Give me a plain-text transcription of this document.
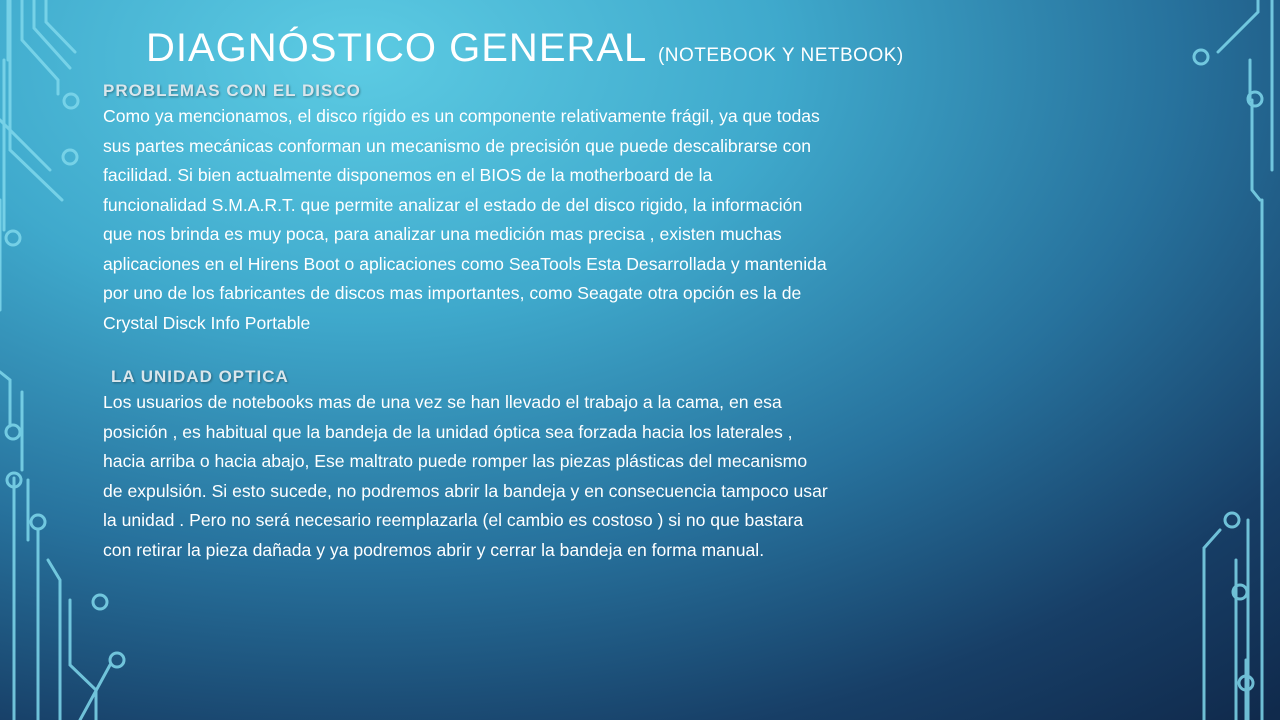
DIAGNÓSTICO GENERAL (NOTEBOOK Y NETBOOK)
PROBLEMAS CON EL DISCO

Como ya mencionamos, el disco rígido es un componente relativamente frágil, ya que todas
sus partes mecánicas conforman un mecanismo de precisión que puede descalibrarse con
facilidad. Si bien actualmente disponemos en el BIOS de la motherboard de la
funcionalidad S.M.A.R.T. que permite analizar el estado de del disco rigido, la información
que nos brinda es muy poca, para analizar una medición mas precisa , existen muchas
aplicaciones en el Hirens Boot o aplicaciones como SeaTools Esta Desarrollada y mantenida
por uno de los fabricantes de discos mas importantes, como Seagate otra opción es la de
Crystal Disck Info Portable

LA UNIDAD OPTICA

Los usuarios de notebooks mas de una vez se han llevado el trabajo a la cama, en esa
posición , es habitual que la bandeja de la unidad óptica sea forzada hacia los laterales ,
hacia arriba o hacia abajo, Ese maltrato puede romper las piezas plásticas del mecanismo
de expulsión. Si esto sucede, no podremos abrir la bandeja y en consecuencia tampoco usar
la unidad . Pero no será necesario reemplazarla (el cambio es costoso ) si no que bastara
con retirar la pieza dañada y ya podremos abrir y cerrar la bandeja en forma manual.
